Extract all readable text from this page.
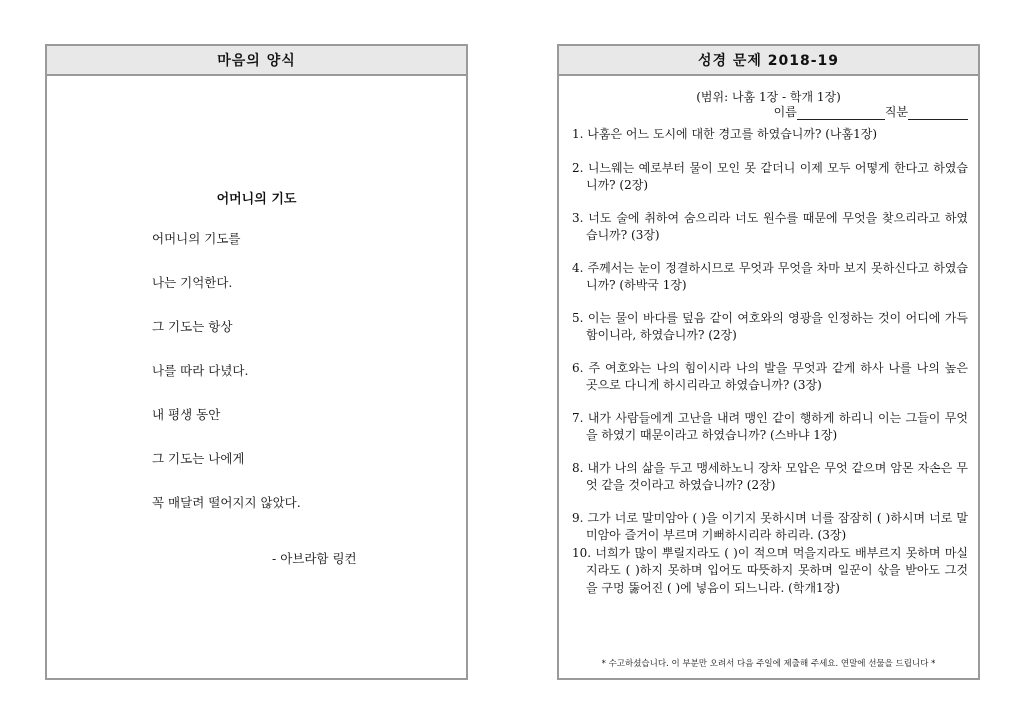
마음의 양식
어머니의 기도
어머니의 기도를
나는 기억한다.
그 기도는 항상
나를 따라 다녔다.
내 평생 동안
그 기도는 나에게
꼭 매달려 떨어지지 않았다.
- 아브라함 링컨
성경 문제 2018-19
(범위: 나훔 1장 - 학개 1장)
이름	직분
1. 나훔은 어느 도시에 대한 경고를 하였습니까? (나훔1장)
2. 니느웨는 예로부터 물이 모인 못 같더니 이제 모두 어떻게 한다고 하였습니까? (2장)
3. 너도 술에 취하여 숨으리라 너도 원수를 때문에 무엇을 찾으리라고 하였습니까? (3장)
4. 주께서는 눈이 정결하시므로 무엇과 무엇을 차마 보지 못하신다고 하였습니까? (하박국 1장)
5. 이는 물이 바다를 덮음 같이 여호와의 영광을 인정하는 것이 어디에 가득함이니라, 하였습니까? (2장)
6. 주 여호와는 나의 힘이시라 나의 발을 무엇과 같게 하사 나를 나의 높은 곳으로 다니게 하시리라고 하였습니까? (3장)
7. 내가 사람들에게 고난을 내려 맹인 같이 행하게 하리니 이는 그들이 무엇을 하였기 때문이라고 하였습니까? (스바냐 1장)
8. 내가 나의 삶을 두고 맹세하노니 장차 모압은 무엇 같으며 암몬 자손은 무엇 같을 것이라고 하였습니까? (2장)
9. 그가 너로 말미암아 ( )을 이기지 못하시며 너를 잠잠히 ( )하시며 너로 말미암아 즐거이 부르며 기뻐하시리라 하리라. (3장)
10. 너희가 많이 뿌릴지라도 ( )이 적으며 먹을지라도 배부르지 못하며 마실지라도 ( )하지 못하며 입어도 따뜻하지 못하며 일꾼이 삯을 받아도 그것을 구멍 뚫어진 ( )에 넣음이 되느니라. (학개1장)
* 수고하셨습니다. 이 부분만 오려서 다음 주일에 제출해 주세요. 연말에 선물을 드립니다 *
